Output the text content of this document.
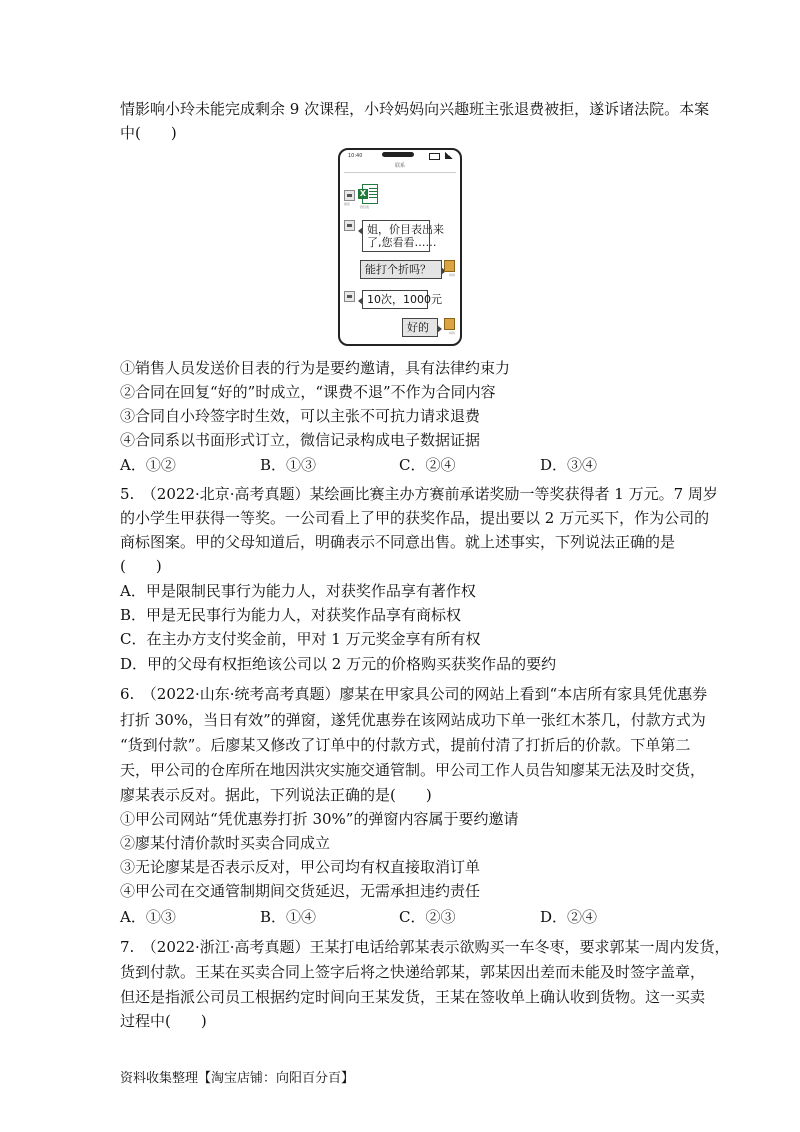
情影响小玲未能完成剩余 9 次课程，小玲妈妈向兴趣班主张退费被拒，遂诉诸法院。本案
中(　　)
10:40
联系
销售
X
价目表
姐，价目表出来
了,您看看……
能打个折吗？	妈妈
10次，1000元
好的	妈妈
①销售人员发送价目表的行为是要约邀请，具有法律约束力
②合同在回复“好的”时成立，“课费不退”不作为合同内容
③合同自小玲签字时生效，可以主张不可抗力请求退费
④合同系以书面形式订立，微信记录构成电子数据证据
A．①②	B．①③	C．②④	D．③④
5.　（2022·北京·高考真题）某绘画比赛主办方赛前承诺奖励一等奖获得者 1 万元。7 周岁
的小学生甲获得一等奖。一公司看上了甲的获奖作品，提出要以 2 万元买下，作为公司的
商标图案。甲的父母知道后，明确表示不同意出售。就上述事实，下列说法正确的是
(　　)
A．甲是限制民事行为能力人，对获奖作品享有著作权
B．甲是无民事行为能力人，对获奖作品享有商标权
C．在主办方支付奖金前，甲对 1 万元奖金享有所有权
D．甲的父母有权拒绝该公司以 2 万元的价格购买获奖作品的要约
6.　（2022·山东·统考高考真题）廖某在甲家具公司的网站上看到“本店所有家具凭优惠券
打折 30%，当日有效”的弹窗，遂凭优惠券在该网站成功下单一张红木茶几，付款方式为
“货到付款”。后廖某又修改了订单中的付款方式，提前付清了打折后的价款。下单第二
天，甲公司的仓库所在地因洪灾实施交通管制。甲公司工作人员告知廖某无法及时交货，
廖某表示反对。据此，下列说法正确的是(　　)
①甲公司网站“凭优惠券打折 30%”的弹窗内容属于要约邀请
②廖某付清价款时买卖合同成立
③无论廖某是否表示反对，甲公司均有权直接取消订单
④甲公司在交通管制期间交货延迟，无需承担违约责任
A．①③	B．①④	C．②③	D．②④
7.　（2022·浙江·高考真题）王某打电话给郭某表示欲购买一车冬枣，要求郭某一周内发货，
货到付款。王某在买卖合同上签字后将之快递给郭某，郭某因出差而未能及时签字盖章，
但还是指派公司员工根据约定时间向王某发货，王某在签收单上确认收到货物。这一买卖
过程中(　　)
资料收集整理【淘宝店铺：向阳百分百】
